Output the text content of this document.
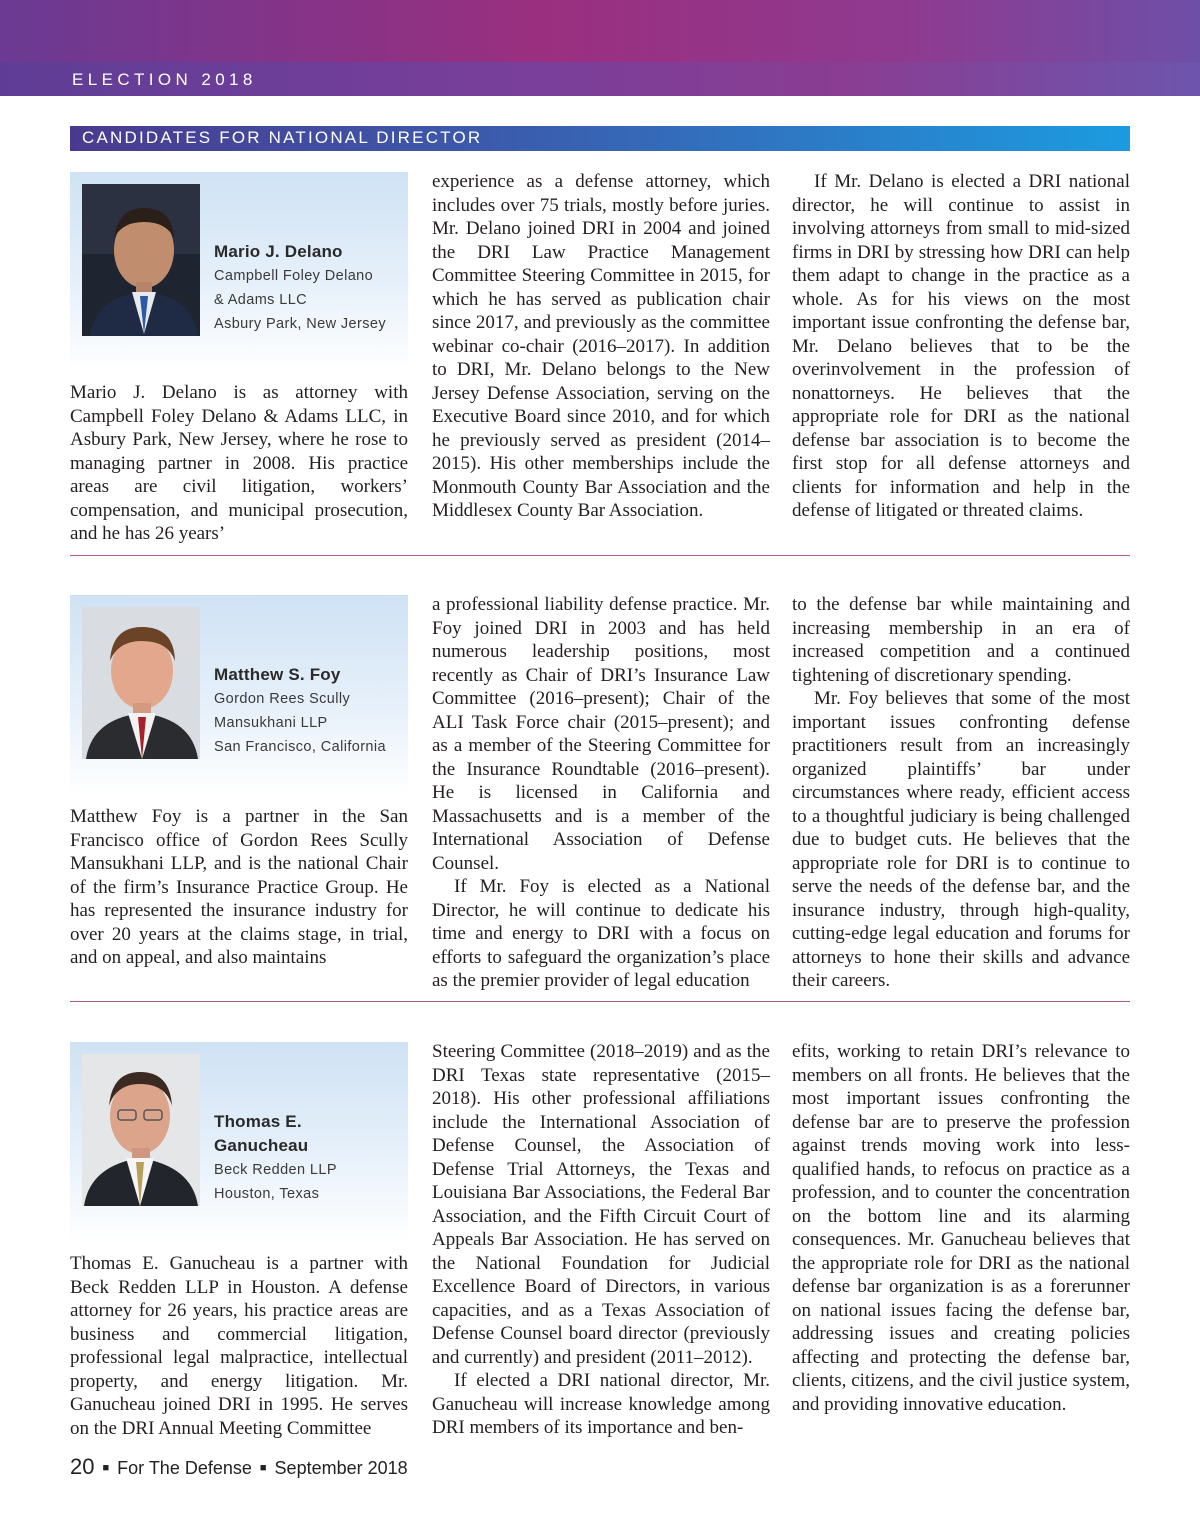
ELECTION 2018
CANDIDATES FOR NATIONAL DIRECTOR
Mario J. Delano
Campbell Foley Delano
& Adams LLC
Asbury Park, New Jersey

Mario J. Delano is as attorney with Campbell Foley Delano & Adams LLC, in Asbury Park, New Jersey, where he rose to managing partner in 2008. His practice areas are civil litigation, workers’ compensation, and municipal prosecution, and he has 26 years’

experience as a defense attorney, which includes over 75 trials, mostly before juries. Mr. Delano joined DRI in 2004 and joined the DRI Law Practice Management Committee Steering Committee in 2015, for which he has served as publication chair since 2017, and previously as the committee webinar co-chair (2016–2017). In addition to DRI, Mr. Delano belongs to the New Jersey Defense Association, serving on the Executive Board since 2010, and for which he previously served as president (2014–2015). His other memberships include the Monmouth County Bar Association and the Middlesex County Bar Association.

If Mr. Delano is elected a DRI national director, he will continue to assist in involving attorneys from small to mid-sized firms in DRI by stressing how DRI can help them adapt to change in the practice as a whole. As for his views on the most important issue confronting the defense bar, Mr. Delano believes that to be the overinvolvement in the profession of nonattorneys. He believes that the appropriate role for DRI as the national defense bar association is to become the first stop for all defense attorneys and clients for information and help in the defense of litigated or threated claims.

Matthew S. Foy
Gordon Rees Scully
Mansukhani LLP
San Francisco, California

Matthew Foy is a partner in the San Francisco office of Gordon Rees Scully Mansukhani LLP, and is the national Chair of the firm’s Insurance Practice Group. He has represented the insurance industry for over 20 years at the claims stage, in trial, and on appeal, and also maintains

a professional liability defense practice. Mr. Foy joined DRI in 2003 and has held numerous leadership positions, most recently as Chair of DRI’s Insurance Law Committee (2016–present); Chair of the ALI Task Force chair (2015–present); and as a member of the Steering Committee for the Insurance Roundtable (2016–present). He is licensed in California and Massachusetts and is a member of the International Association of Defense Counsel.

If Mr. Foy is elected as a National Director, he will continue to dedicate his time and energy to DRI with a focus on efforts to safeguard the organization’s place as the premier provider of legal education

to the defense bar while maintaining and increasing membership in an era of increased competition and a continued tightening of discretionary spending.

Mr. Foy believes that some of the most important issues confronting defense practitioners result from an increasingly organized plaintiffs’ bar under circumstances where ready, efficient access to a thoughtful judiciary is being challenged due to budget cuts. He believes that the appropriate role for DRI is to continue to serve the needs of the defense bar, and the insurance industry, through high-quality, cutting-edge legal education and forums for attorneys to hone their skills and advance their careers.

Thomas E.
Ganucheau
Beck Redden LLP
Houston, Texas

Thomas E. Ganucheau is a partner with Beck Redden LLP in Houston. A defense attorney for 26 years, his practice areas are business and commercial litigation, professional legal malpractice, intellectual property, and energy litigation. Mr. Ganucheau joined DRI in 1995. He serves on the DRI Annual Meeting Committee

Steering Committee (2018–2019) and as the DRI Texas state representative (2015–2018). His other professional affiliations include the International Association of Defense Counsel, the Association of Defense Trial Attorneys, the Texas and Louisiana Bar Associations, the Federal Bar Association, and the Fifth Circuit Court of Appeals Bar Association. He has served on the National Foundation for Judicial Excellence Board of Directors, in various capacities, and as a Texas Association of Defense Counsel board director (previously and currently) and president (2011–2012).

If elected a DRI national director, Mr. Ganucheau will increase knowledge among DRI members of its importance and ben-

efits, working to retain DRI’s relevance to members on all fronts. He believes that the most important issues confronting the defense bar are to preserve the profession against trends moving work into less-qualified hands, to refocus on practice as a profession, and to counter the concentration on the bottom line and its alarming consequences. Mr. Ganucheau believes that the appropriate role for DRI as the national defense bar organization is as a forerunner on national issues facing the defense bar, addressing issues and creating policies affecting and protecting the defense bar, clients, citizens, and the civil justice system, and providing innovative education.

20 ■ For The Defense ■ September 2018
